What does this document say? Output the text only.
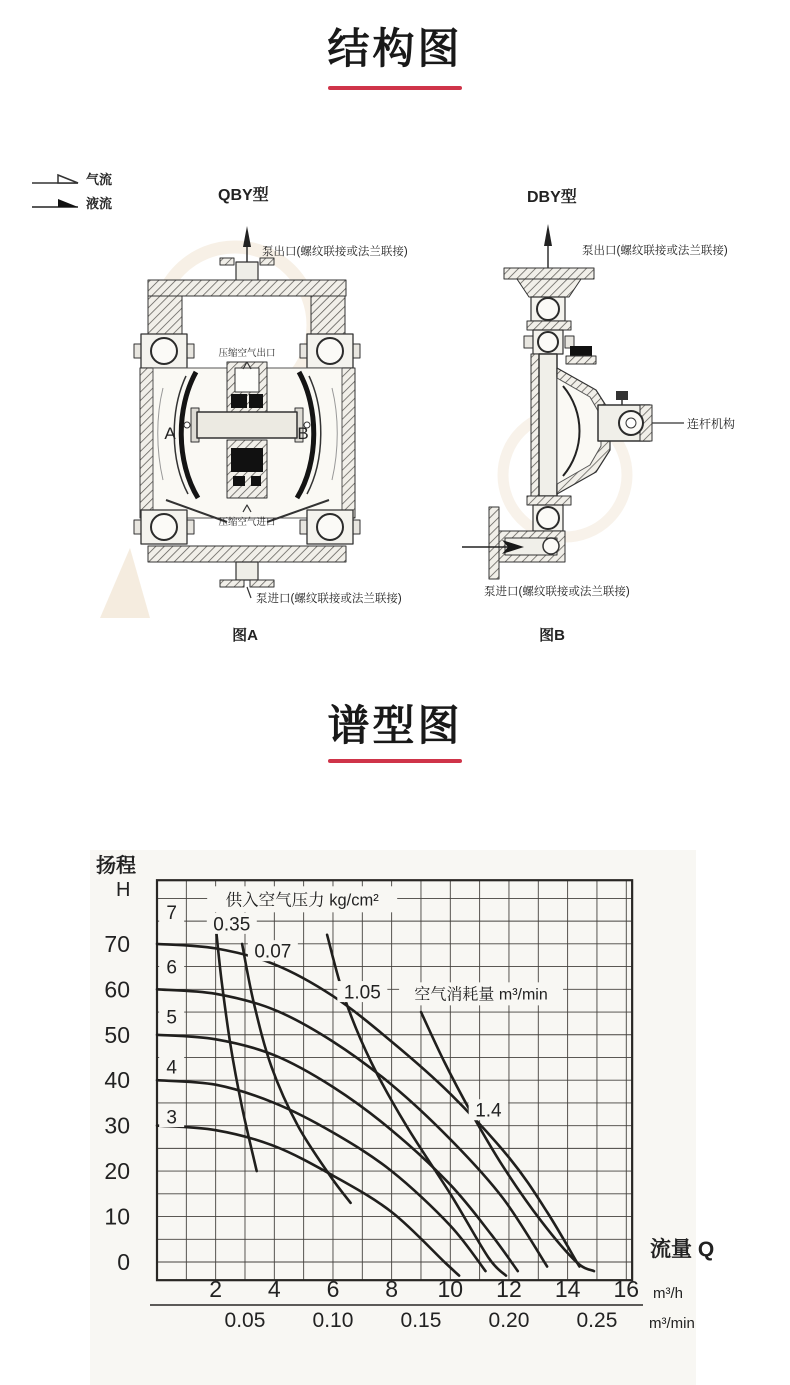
结构图
气流
液流	QBY型	DBY型
泵出口(螺纹联接或法兰联接)
压缩空气出口
A	B
压缩空气进口
泵进口(螺纹联接或法兰联接)
图A
泵出口(螺纹联接或法兰联接)
连杆机构
泵进口(螺纹联接或法兰联接)
图B
谱型图
供入空气压力 kg/cm²
空气消耗量 m³/min
7
6
5
4
3
0.35
0.07
1.05
1.4
0
10
20
30
40
50
60
70
2 4 6 8 10 12 14 16
0.05 0.10 0.15 0.20 0.25
扬程
H
流量 Q
m³/h
m³/min
